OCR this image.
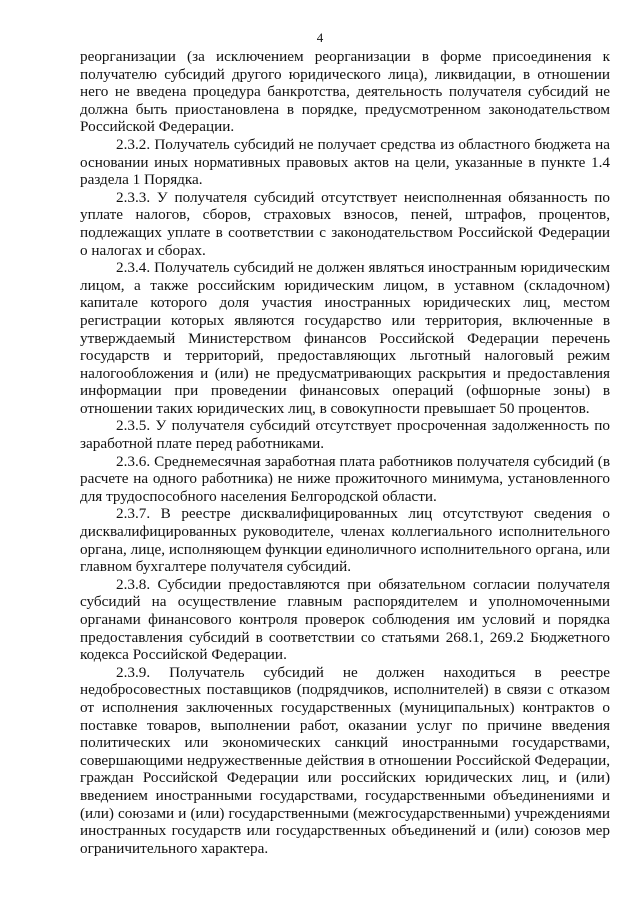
4

реорганизации (за исключением реорганизации в форме присоединения к получателю субсидий другого юридического лица), ликвидации, в отношении него не введена процедура банкротства, деятельность получателя субсидий не должна быть приостановлена в порядке, предусмотренном законодательством Российской Федерации.

2.3.2. Получатель субсидий не получает средства из областного бюджета на основании иных нормативных правовых актов на цели, указанные в пункте 1.4 раздела 1 Порядка.

2.3.3. У получателя субсидий отсутствует неисполненная обязанность по уплате налогов, сборов, страховых взносов, пеней, штрафов, процентов, подлежащих уплате в соответствии с законодательством Российской Федерации о налогах и сборах.

2.3.4. Получатель субсидий не должен являться иностранным юридическим лицом, а также российским юридическим лицом, в уставном (складочном) капитале которого доля участия иностранных юридических лиц, местом регистрации которых являются государство или территория, включенные в утверждаемый Министерством финансов Российской Федерации перечень государств и территорий, предоставляющих льготный налоговый режим налогообложения и (или) не предусматривающих раскрытия и предоставления информации при проведении финансовых операций (офшорные зоны) в отношении таких юридических лиц, в совокупности превышает 50 процентов.

2.3.5. У получателя субсидий отсутствует просроченная задолженность по заработной плате перед работниками.

2.3.6. Среднемесячная заработная плата работников получателя субсидий (в расчете на одного работника) не ниже прожиточного минимума, установленного для трудоспособного населения Белгородской области.

2.3.7. В реестре дисквалифицированных лиц отсутствуют сведения о дисквалифицированных руководителе, членах коллегиального исполнительного органа, лице, исполняющем функции единоличного исполнительного органа, или главном бухгалтере получателя субсидий.

2.3.8. Субсидии предоставляются при обязательном согласии получателя субсидий на осуществление главным распорядителем и уполномоченными органами финансового контроля проверок соблюдения им условий и порядка предоставления субсидий в соответствии со статьями 268.1, 269.2 Бюджетного кодекса Российской Федерации.

2.3.9. Получатель субсидий не должен находиться в реестре недобросовестных поставщиков (подрядчиков, исполнителей) в связи с отказом от исполнения заключенных государственных (муниципальных) контрактов о поставке товаров, выполнении работ, оказании услуг по причине введения политических или экономических санкций иностранными государствами, совершающими недружественные действия в отношении Российской Федерации, граждан Российской Федерации или российских юридических лиц, и (или) введением иностранными государствами, государственными объединениями и (или) союзами и (или) государственными (межгосударственными) учреждениями иностранных государств или государственных объединений и (или) союзов мер ограничительного характера.
